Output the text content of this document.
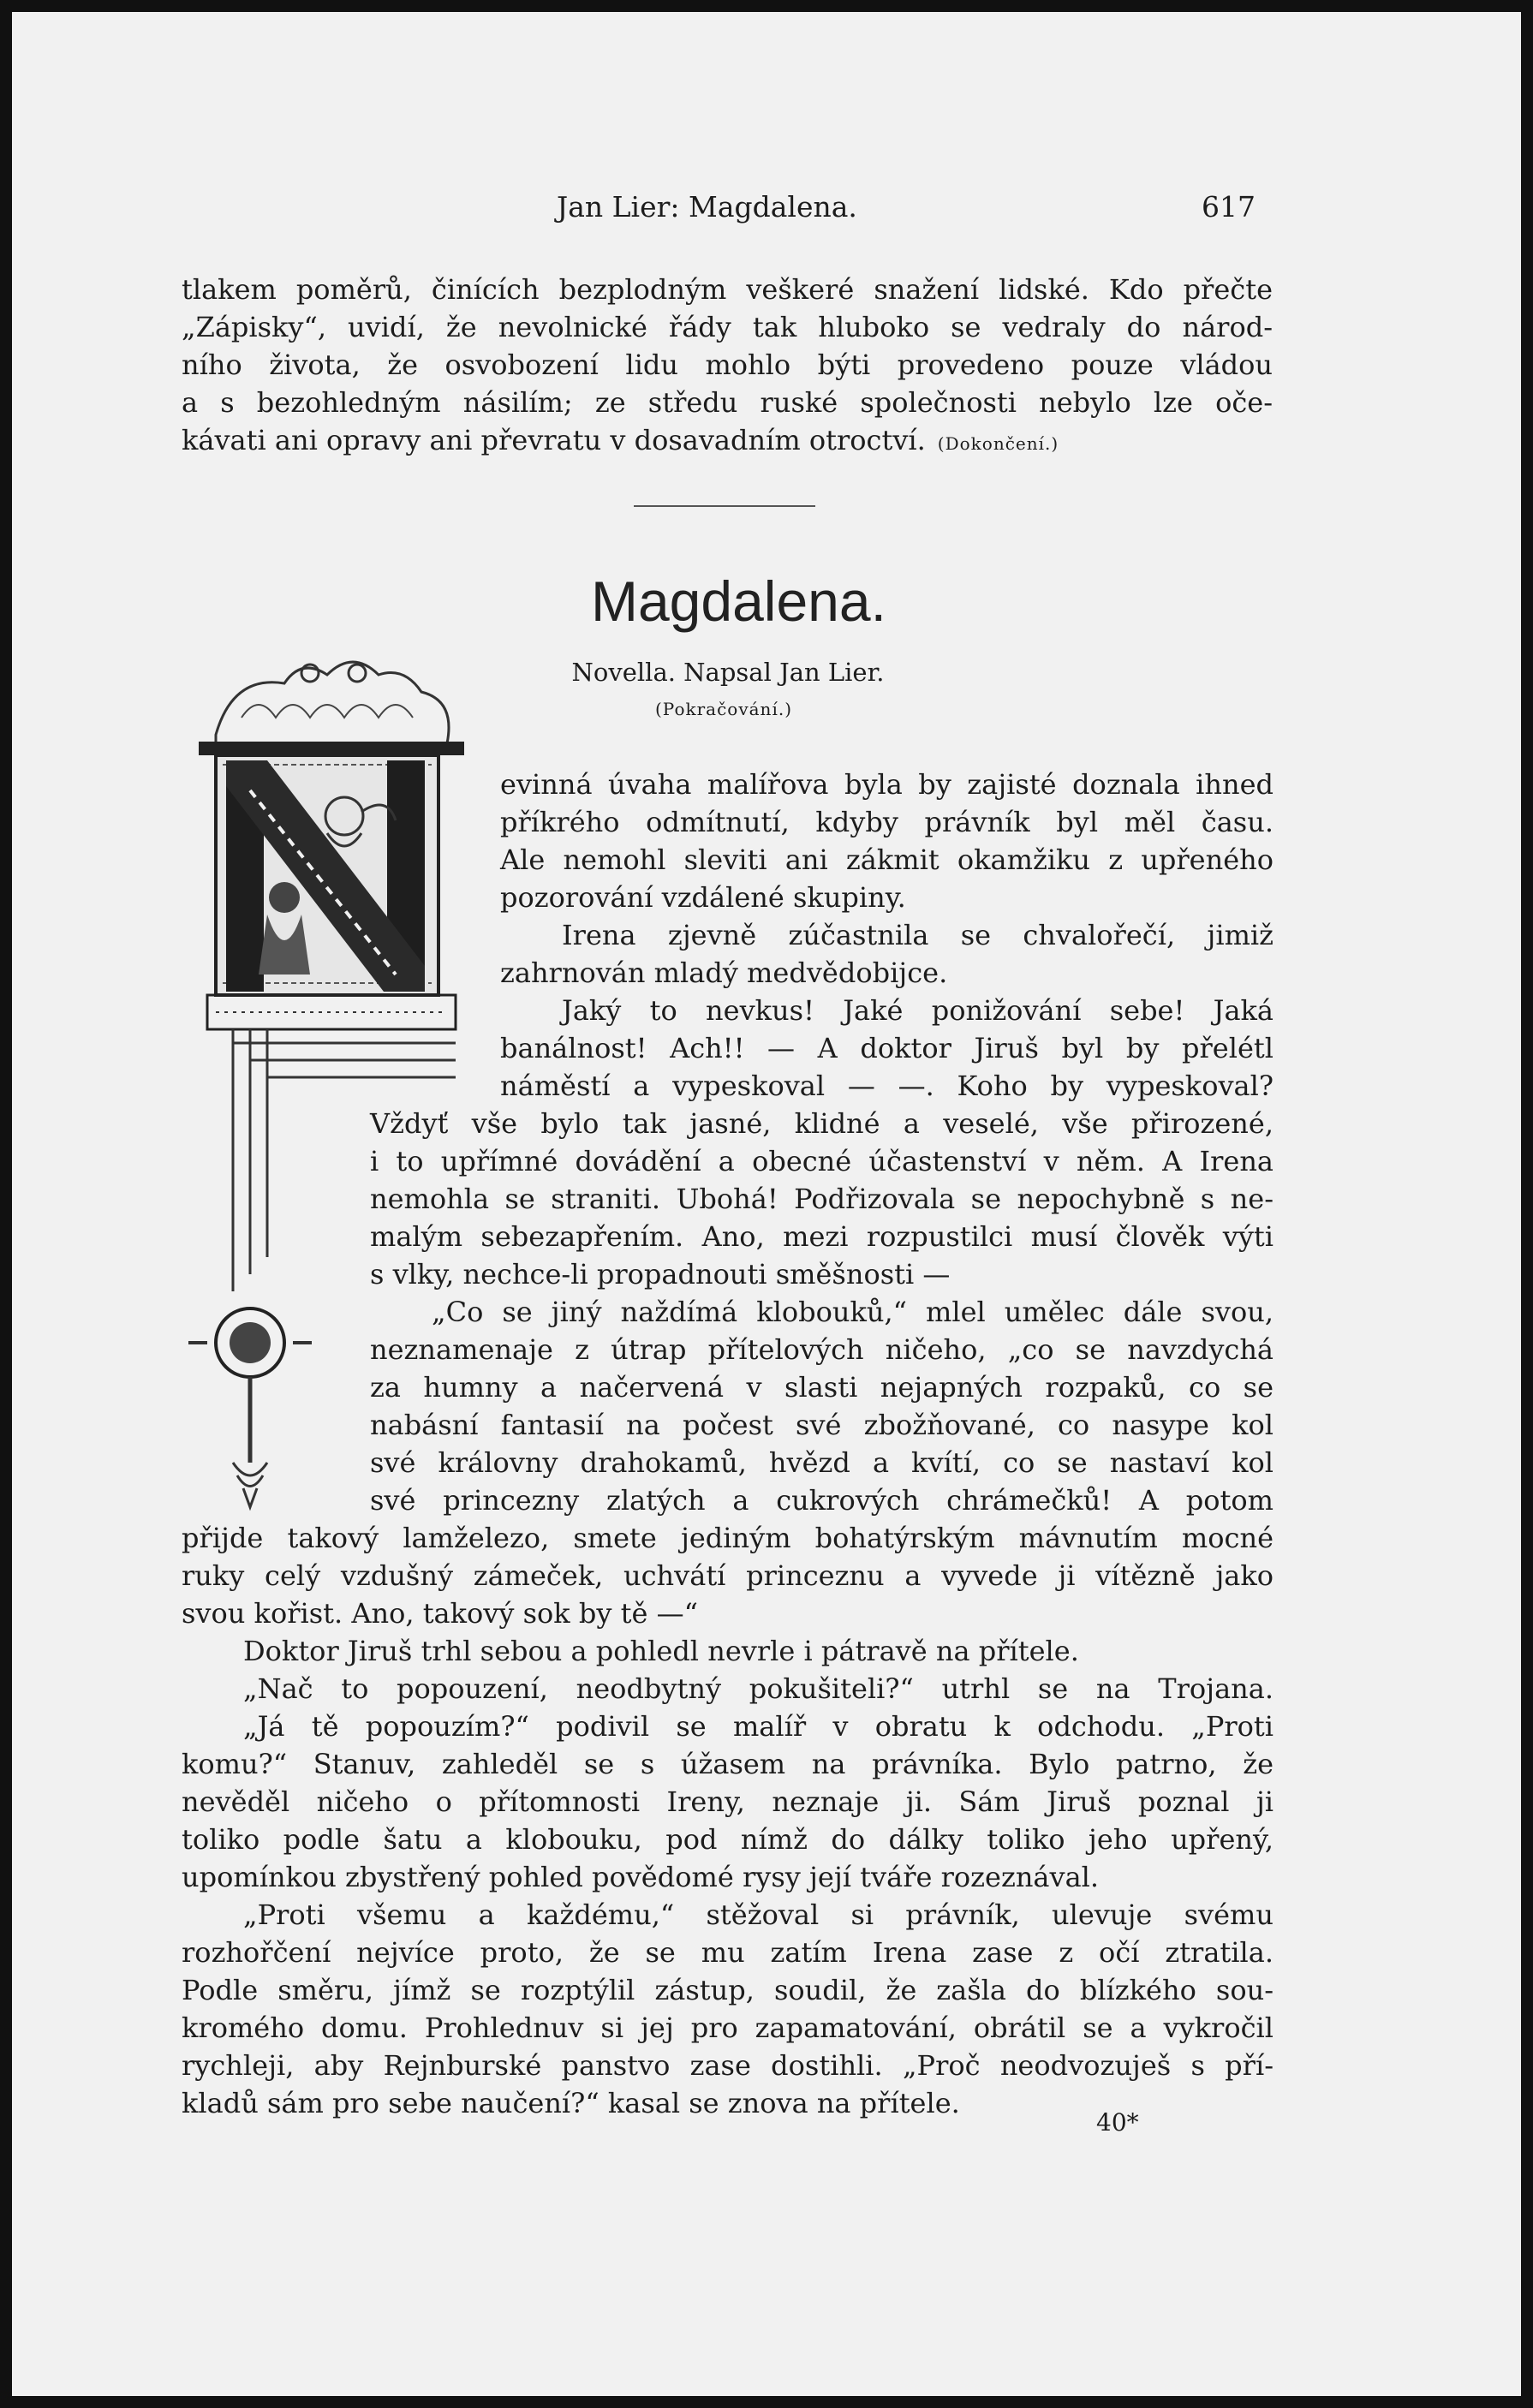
Jan Lier: Magdalena.	617

tlakem poměrů, činících bezplodným veškeré snažení lidské. Kdo přečte

„Zápisky“, uvidí, že nevolnické řády tak hluboko se vedraly do národ-

ního života, že osvobození lidu mohlo býti provedeno pouze vládou

a s bezohledným násilím; ze středu ruské společnosti nebylo lze oče-

kávati ani opravy ani převratu v dosavadním otroctví. (Dokončení.)

Magdalena.
Novella. Napsal Jan Lier.
(Pokračování.)

evinná úvaha malířova byla by zajisté doznala ihned

příkrého odmítnutí, kdyby právník byl měl času.

Ale nemohl sleviti ani zákmit okamžiku z upřeného

pozorování vzdálené skupiny.

Irena zjevně zúčastnila se chvalořečí, jimiž

zahrnován mladý medvědobijce.

Jaký to nevkus! Jaké ponižování sebe! Jaká

banálnost! Ach!! — A doktor Jiruš byl by přelétl

náměstí a vypeskoval — —. Koho by vypeskoval?

Vždyť vše bylo tak jasné, klidné a veselé, vše přirozené,

i to upřímné dovádění a obecné účastenství v něm. A Irena

nemohla se straniti. Ubohá! Podřizovala se nepochybně s ne-

malým sebezapřením. Ano, mezi rozpustilci musí člověk výti

s vlky, nechce-li propadnouti směšnosti —

„Co se jiný naždímá klobouků,“ mlel umělec dále svou,

neznamenaje z útrap přítelových ničeho, „co se navzdychá

za humny a načervená v slasti nejapných rozpaků, co se

nabásní fantasií na počest své zbožňované, co nasype kol

své královny drahokamů, hvězd a kvítí, co se nastaví kol

své princezny zlatých a cukrových chrámečků! A potom

přijde takový lamželezo, smete jediným bohatýrským mávnutím mocné

ruky celý vzdušný zámeček, uchvátí princeznu a vyvede ji vítězně jako

svou kořist. Ano, takový sok by tě —“

Doktor Jiruš trhl sebou a pohledl nevrle i pátravě na přítele.

„Nač to popouzení, neodbytný pokušiteli?“ utrhl se na Trojana.

„Já tě popouzím?“ podivil se malíř v obratu k odchodu. „Proti

komu?“ Stanuv, zahleděl se s úžasem na právníka. Bylo patrno, že

nevěděl ničeho o přítomnosti Ireny, neznaje ji. Sám Jiruš poznal ji

toliko podle šatu a klobouku, pod nímž do dálky toliko jeho upřený,

upomínkou zbystřený pohled povědomé rysy její tváře rozeznával.

„Proti všemu a každému,“ stěžoval si právník, ulevuje svému

rozhořčení nejvíce proto, že se mu zatím Irena zase z očí ztratila.

Podle směru, jímž se rozptýlil zástup, soudil, že zašla do blízkého sou-

kromého domu. Prohlednuv si jej pro zapamatování, obrátil se a vykročil

rychleji, aby Rejnburské panstvo zase dostihli. „Proč neodvozuješ s pří-

kladů sám pro sebe naučení?“ kasal se znova na přítele.

40*
